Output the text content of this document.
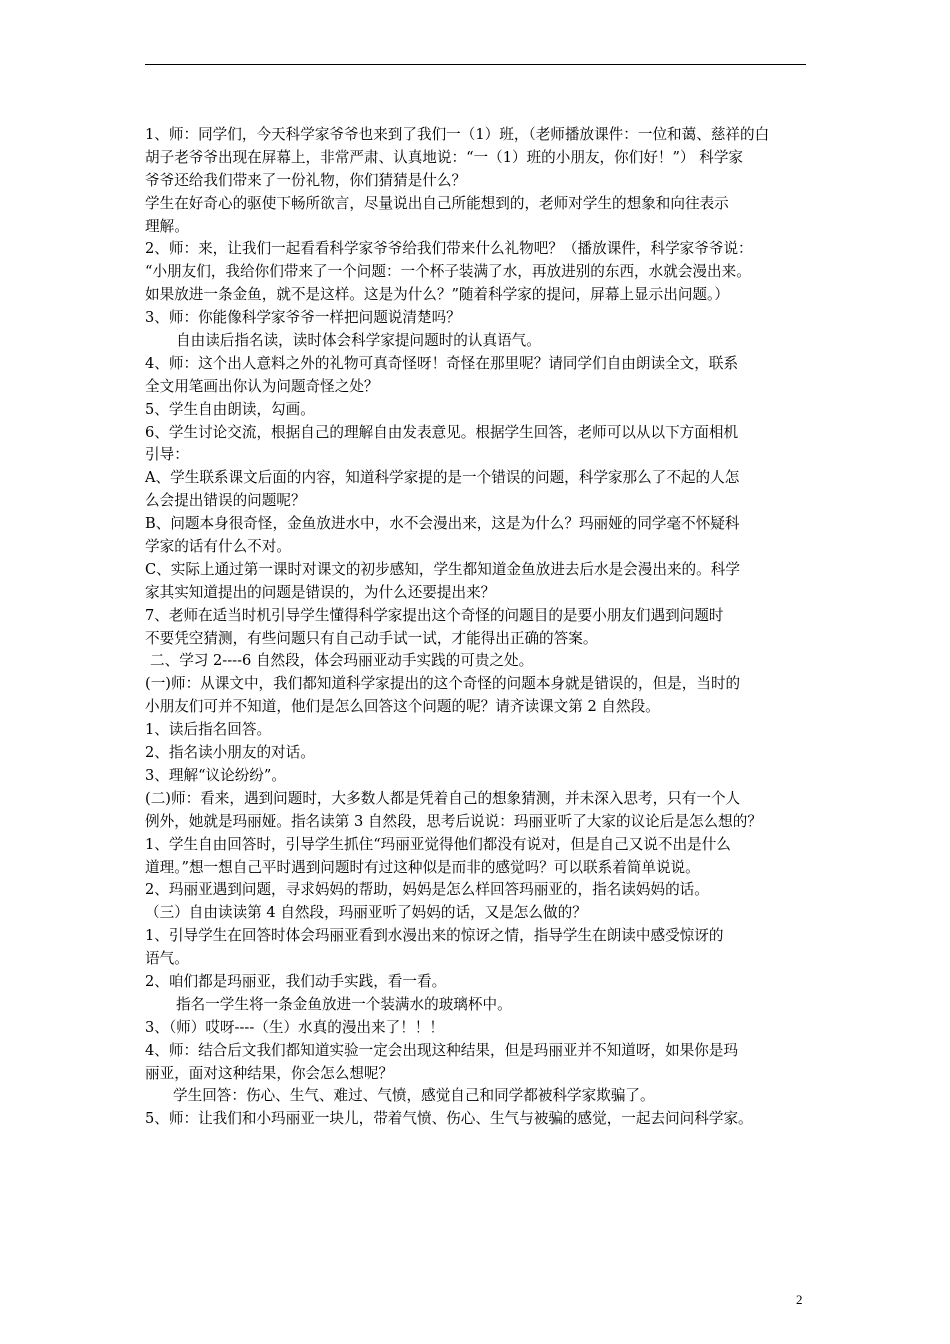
1、师：同学们，今天科学家爷爷也来到了我们一（1）班，（老师播放课件：一位和蔼、慈祥的白
胡子老爷爷出现在屏幕上，非常严肃、认真地说：“一（1）班的小朋友，你们好！”） 科学家
爷爷还给我们带来了一份礼物，你们猜猜是什么？
学生在好奇心的驱使下畅所欲言，尽量说出自己所能想到的，老师对学生的想象和向往表示
理解。
2、师：来，让我们一起看看科学家爷爷给我们带来什么礼物吧？（播放课件，科学家爷爷说：
“小朋友们，我给你们带来了一个问题：一个杯子装满了水，再放进别的东西，水就会漫出来。
如果放进一条金鱼，就不是这样。这是为什么？”随着科学家的提问，屏幕上显示出问题。）
3、师：你能像科学家爷爷一样把问题说清楚吗？
自由读后指名读，读时体会科学家提问题时的认真语气。
4、师：这个出人意料之外的礼物可真奇怪呀！奇怪在那里呢？请同学们自由朗读全文，联系
全文用笔画出你认为问题奇怪之处？
5、学生自由朗读，勾画。
6、学生讨论交流，根据自己的理解自由发表意见。根据学生回答，老师可以从以下方面相机
引导：
A、学生联系课文后面的内容，知道科学家提的是一个错误的问题，科学家那么了不起的人怎
么会提出错误的问题呢？
B、问题本身很奇怪，金鱼放进水中，水不会漫出来，这是为什么？玛丽娅的同学毫不怀疑科
学家的话有什么不对。
C、实际上通过第一课时对课文的初步感知，学生都知道金鱼放进去后水是会漫出来的。科学
家其实知道提出的问题是错误的，为什么还要提出来？
7、老师在适当时机引导学生懂得科学家提出这个奇怪的问题目的是要小朋友们遇到问题时
不要凭空猜测，有些问题只有自己动手试一试，才能得出正确的答案。
二、学习 2----6 自然段，体会玛丽亚动手实践的可贵之处。
(一)师：从课文中，我们都知道科学家提出的这个奇怪的问题本身就是错误的，但是，当时的
小朋友们可并不知道，他们是怎么回答这个问题的呢？请齐读课文第 2 自然段。
1、读后指名回答。
2、指名读小朋友的对话。
3、理解“议论纷纷”。
(二)师：看来，遇到问题时，大多数人都是凭着自己的想象猜测，并未深入思考，只有一个人
例外，她就是玛丽娅。指名读第 3 自然段，思考后说说：玛丽亚听了大家的议论后是怎么想的？
1、学生自由回答时，引导学生抓住“玛丽亚觉得他们都没有说对，但是自己又说不出是什么
道理。”想一想自己平时遇到问题时有过这种似是而非的感觉吗？可以联系着简单说说。
2、玛丽亚遇到问题，寻求妈妈的帮助，妈妈是怎么样回答玛丽亚的，指名读妈妈的话。
（三）自由读读第 4 自然段，玛丽亚听了妈妈的话，又是怎么做的？
1、引导学生在回答时体会玛丽亚看到水漫出来的惊讶之情，指导学生在朗读中感受惊讶的
语气。
2、咱们都是玛丽亚，我们动手实践，看一看。
指名一学生将一条金鱼放进一个装满水的玻璃杯中。
3、（师）哎呀----（生）水真的漫出来了！！！
4、师：结合后文我们都知道实验一定会出现这种结果，但是玛丽亚并不知道呀，如果你是玛
丽亚，面对这种结果，你会怎么想呢？
学生回答：伤心、生气、难过、气愤，感觉自己和同学都被科学家欺骗了。
5、师：让我们和小玛丽亚一块儿，带着气愤、伤心、生气与被骗的感觉，一起去问问科学家。
2
